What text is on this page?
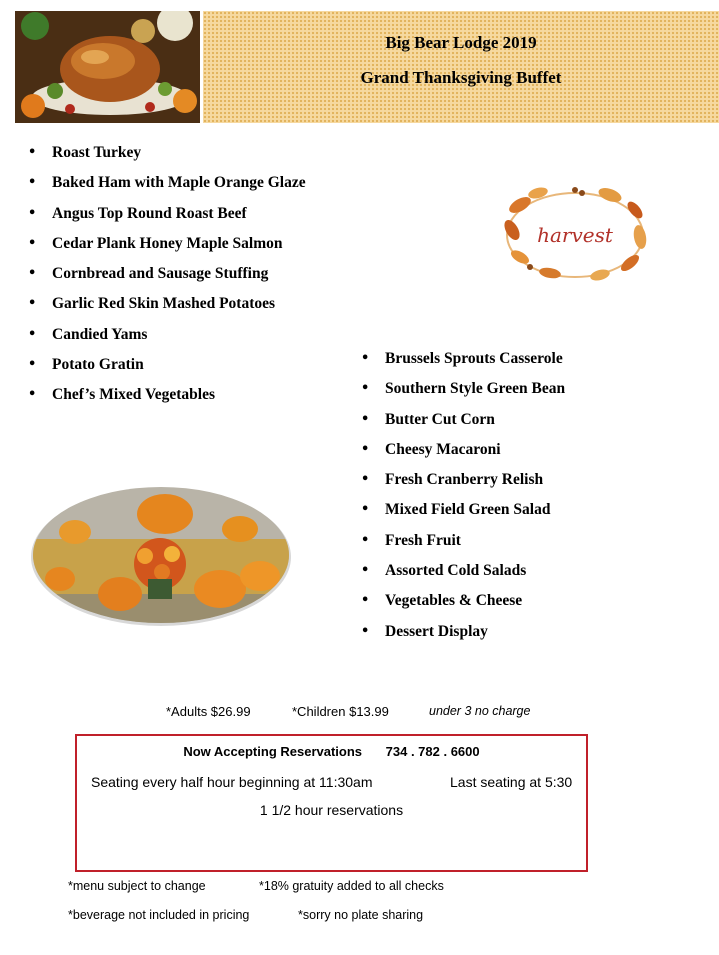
Big Bear Lodge 2019
Grand Thanksgiving Buffet
• Roast Turkey
• Baked Ham with Maple Orange Glaze
• Angus Top Round Roast Beef
• Cedar Plank Honey Maple Salmon
• Cornbread and Sausage Stuffing
• Garlic Red Skin Mashed Potatoes
• Candied Yams
• Potato Gratin
• Chef’s Mixed Vegetables
harvest
• Brussels Sprouts Casserole
• Southern Style Green Bean
• Butter Cut Corn
• Cheesy Macaroni
• Fresh Cranberry Relish
• Mixed Field Green Salad
• Fresh Fruit
• Assorted Cold Salads
• Vegetables & Cheese
• Dessert Display
*Adults $26.99	*Children $13.99	under 3 no charge
Now Accepting Reservations 734 . 782 . 6600
Seating every half hour beginning at 11:30am	Last seating at 5:30
1 1/2 hour reservations
*menu subject to change	*18% gratuity added to all checks
*beverage not included in pricing	*sorry no plate sharing
